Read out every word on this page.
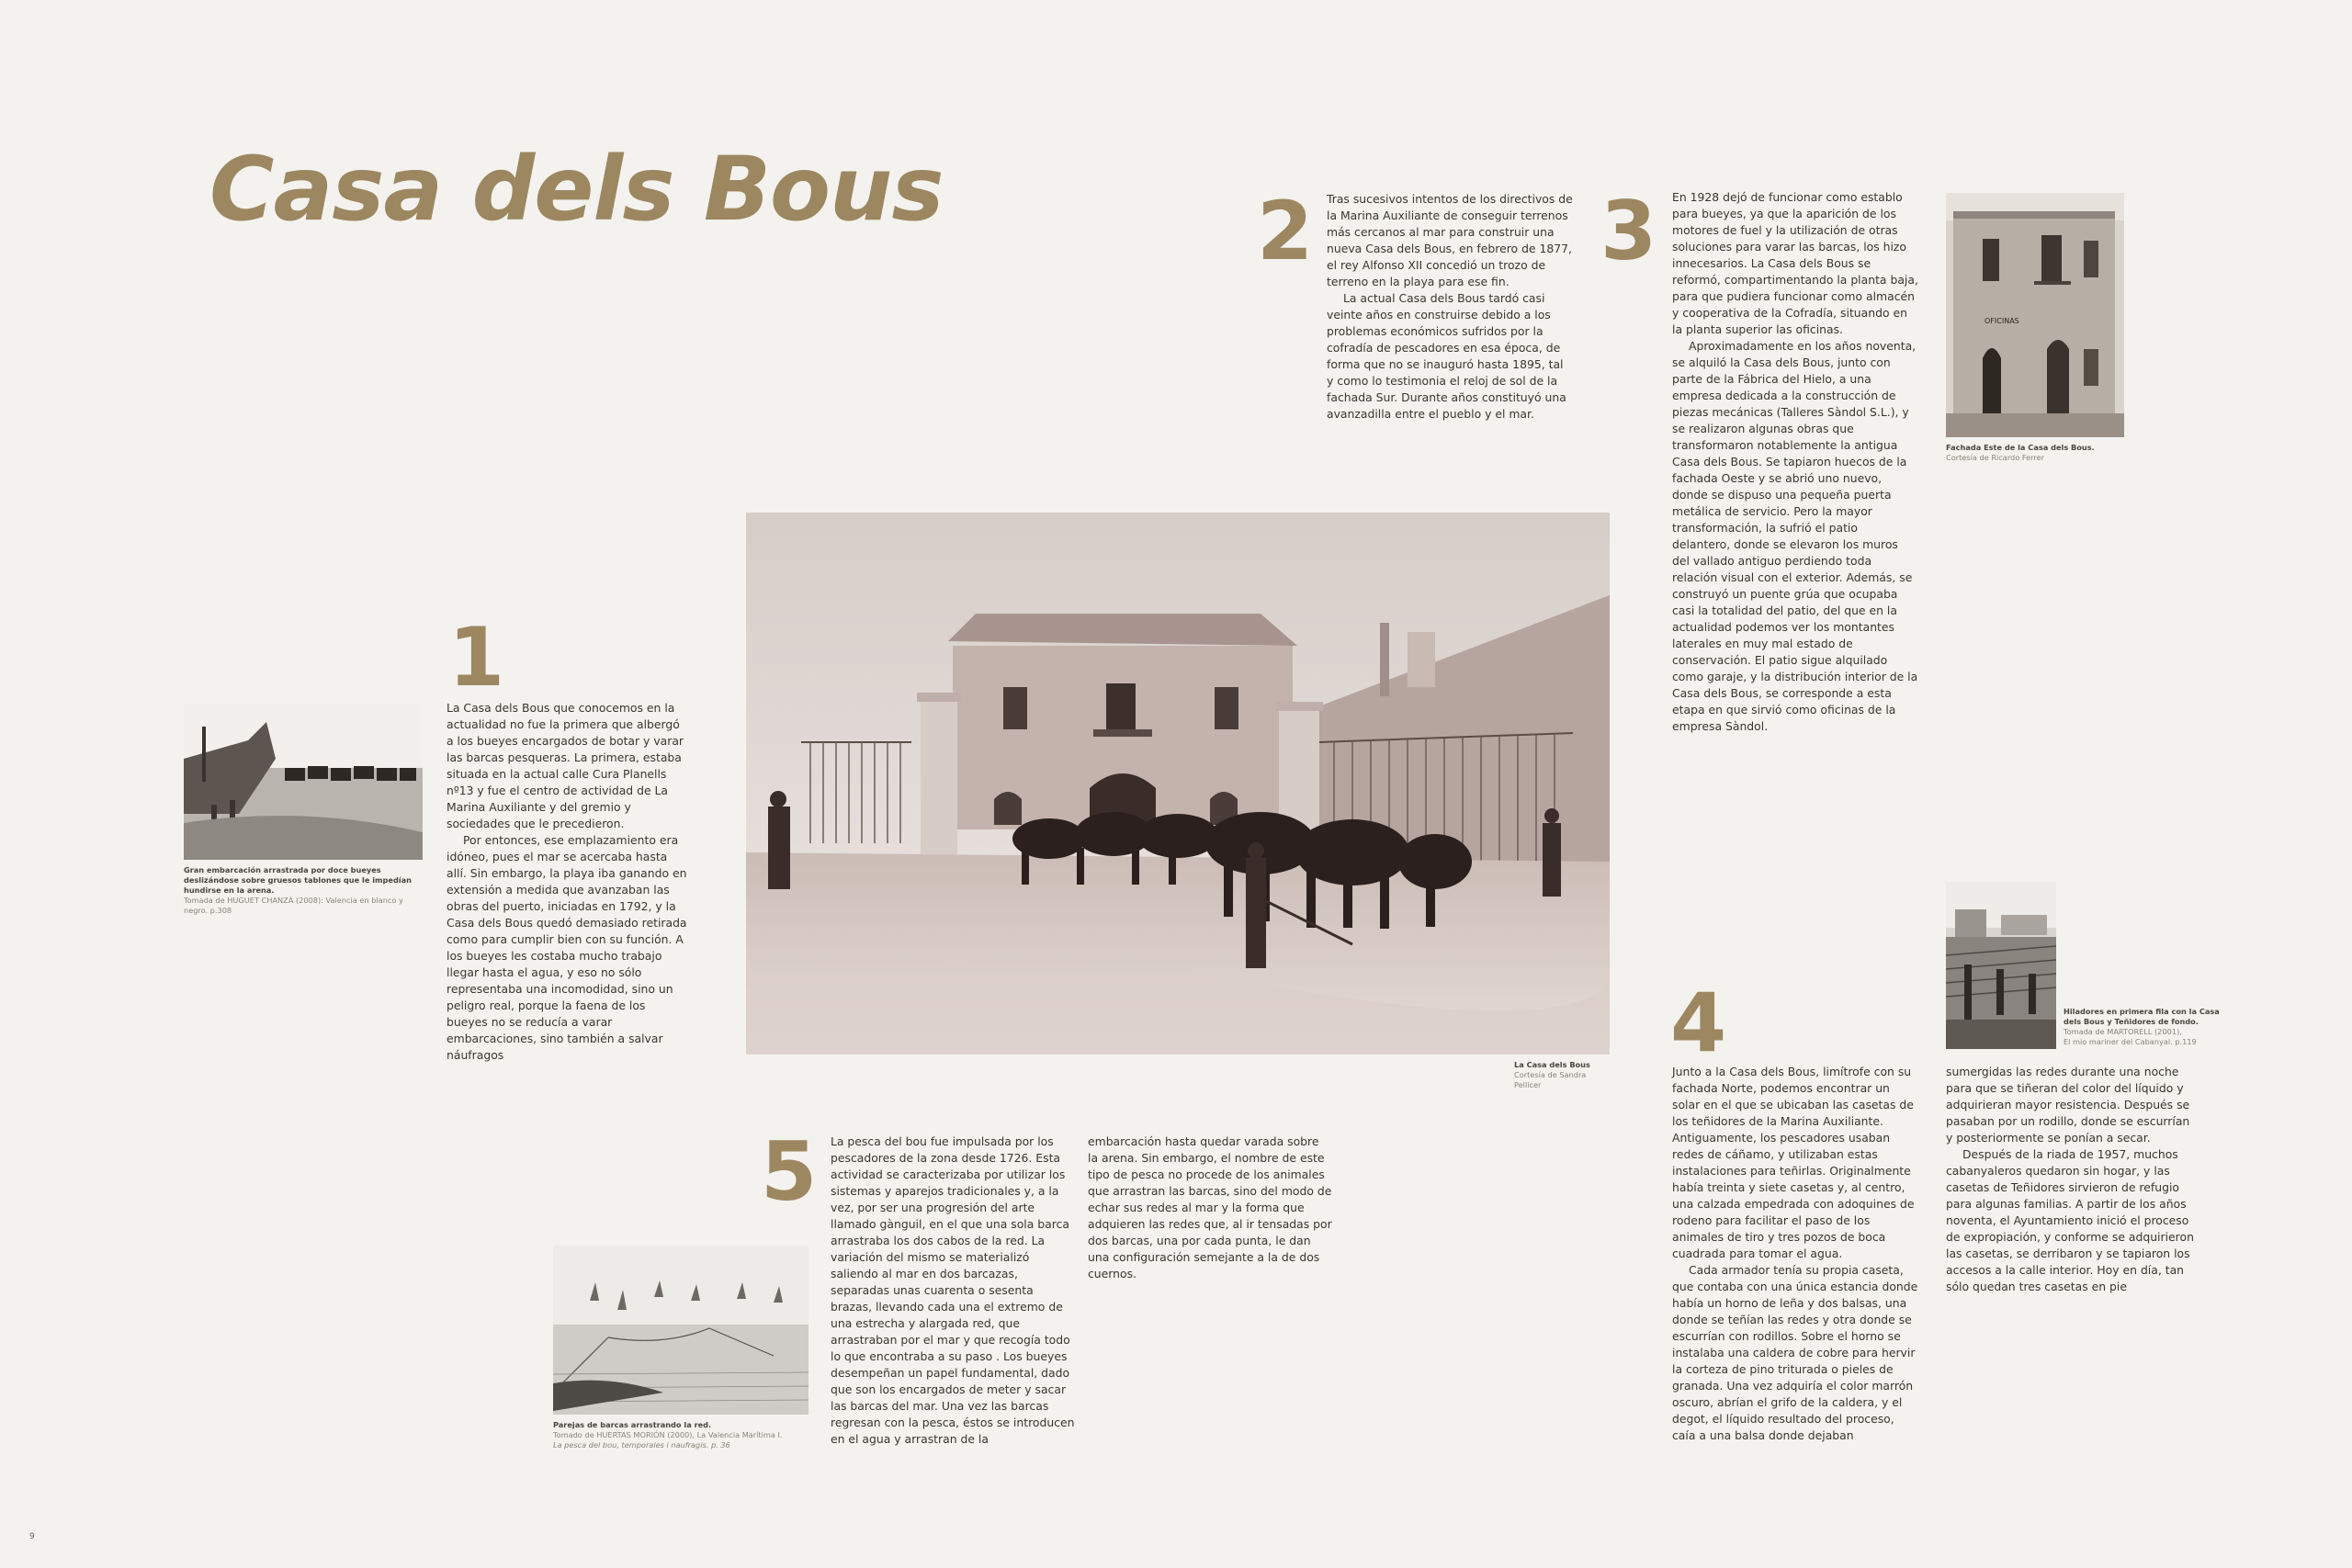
Casa dels Bous	2 Tras sucesivos intentos de los directivos de la Marina Auxiliante de conseguir terrenos más cercanos al mar para construir una nueva Casa dels Bous, en febrero de 1877, el rey Alfonso XII concedió un trozo de terreno en la playa para ese fin.

La actual Casa dels Bous tardó casi veinte años en construirse debido a los problemas económicos sufridos por la cofradía de pescadores en esa época, de forma que no se inauguró hasta 1895, tal y como lo testimonia el reloj de sol de la fachada Sur. Durante años constituyó una avanzadilla entre el pueblo y el mar.

3 En 1928 dejó de funcionar como establo para bueyes, ya que la aparición de los motores de fuel y la utilización de otras soluciones para varar las barcas, los hizo innecesarios. La Casa dels Bous se reformó, compartimentando la planta baja, para que pudiera funcionar como almacén y cooperativa de la Cofradía, situando en la planta superior las oficinas.

Aproximadamente en los años noventa, se alquiló la Casa dels Bous, junto con parte de la Fábrica del Hielo, a una empresa dedicada a la construcción de piezas mecánicas (Talleres Sàndol S.L.), y se realizaron algunas obras que transformaron notablemente la antigua Casa dels Bous. Se tapiaron huecos de la fachada Oeste y se abrió uno nuevo, donde se dispuso una pequeña puerta metálica de servicio. Pero la mayor transformación, la sufrió el patio delantero, donde se elevaron los muros del vallado antiguo perdiendo toda relación visual con el exterior. Además, se construyó un puente grúa que ocupaba casi la totalidad del patio, del que en la actualidad podemos ver los montantes laterales en muy mal estado de conservación. El patio sigue alquilado como garaje, y la distribución interior de la Casa dels Bous, se corresponde a esta etapa en que sirvió como oficinas de la empresa Sàndol.

OFICINAS
Fachada Este de la Casa dels Bous.
Cortesía de Ricardo Ferrer
1

La Casa dels Bous que conocemos en la actualidad no fue la primera que albergó a los bueyes encargados de botar y varar las barcas pesqueras. La primera, estaba situada en la actual calle Cura Planells nº13 y fue el centro de actividad de La Marina Auxiliante y del gremio y sociedades que le precedieron.

Por entonces, ese emplazamiento era idóneo, pues el mar se acercaba hasta allí. Sin embargo, la playa iba ganando en extensión a medida que avanzaban las obras del puerto, iniciadas en 1792, y la Casa dels Bous quedó demasiado retirada como para cumplir bien con su función. A los bueyes les costaba mucho trabajo llegar hasta el agua, y eso no sólo representaba una incomodidad, sino un peligro real, porque la faena de los bueyes no se reducía a varar embarcaciones, sino también a salvar náufragos

Gran embarcación arrastrada por doce bueyes deslizándose sobre gruesos tablones que le impedían hundirse en la arena.
Tomada de HUGUET CHANZÀ (2008): Valencia en blanco y negro. p.308
La Casa dels Bous
Cortesía de Sandra Pellicer
Hiladores en primera fila con la Casa dels Bous y Teñidores de fondo.
Tomada de MARTORELL (2001),
El mio mariner del Cabanyal. p.119
4

Junto a la Casa dels Bous, limítrofe con su fachada Norte, podemos encontrar un solar en el que se ubicaban las casetas de los teñidores de la Marina Auxiliante. Antiguamente, los pescadores usaban redes de cáñamo, y utilizaban estas instalaciones para teñirlas. Originalmente había treinta y siete casetas y, al centro, una calzada empedrada con adoquines de rodeno para facilitar el paso de los animales de tiro y tres pozos de boca cuadrada para tomar el agua.

Cada armador tenía su propia caseta, que contaba con una única estancia donde había un horno de leña y dos balsas, una donde se teñían las redes y otra donde se escurrían con rodillos. Sobre el horno se instalaba una caldera de cobre para hervir la corteza de pino triturada o pieles de granada. Una vez adquiría el color marrón oscuro, abrían el grifo de la caldera, y el degot, el líquido resultado del proceso, caía a una balsa donde dejaban

sumergidas las redes durante una noche para que se tiñeran del color del líquido y adquirieran mayor resistencia. Después se pasaban por un rodillo, donde se escurrían y posteriormente se ponían a secar.

Después de la riada de 1957, muchos cabanyaleros quedaron sin hogar, y las casetas de Teñidores sirvieron de refugio para algunas familias. A partir de los años noventa, el Ayuntamiento inició el proceso de expropiación, y conforme se adquirieron las casetas, se derribaron y se tapiaron los accesos a la calle interior. Hoy en día, tan sólo quedan tres casetas en pie

5 La pesca del bou fue impulsada por los pescadores de la zona desde 1726. Esta actividad se caracterizaba por utilizar los sistemas y aparejos tradicionales y, a la vez, por ser una progresión del arte llamado gànguil, en el que una sola barca arrastraba los dos cabos de la red. La variación del mismo se materializó saliendo al mar en dos barcazas, separadas unas cuarenta o sesenta brazas, llevando cada una el extremo de una estrecha y alargada red, que arrastraban por el mar y que recogía todo lo que encontraba a su paso . Los bueyes desempeñan un papel fundamental, dado que son los encargados de meter y sacar las barcas del mar. Una vez las barcas regresan con la pesca, éstos se introducen en el agua y arrastran de la

embarcación hasta quedar varada sobre la arena. Sin embargo, el nombre de este tipo de pesca no procede de los animales que arrastran las barcas, sino del modo de echar sus redes al mar y la forma que adquieren las redes que, al ir tensadas por dos barcas, una por cada punta, le dan una configuración semejante a la de dos cuernos.

Parejas de barcas arrastrando la red.
Tomado de HUERTAS MORIÓN (2000), La Valencia Marítima I.
La pesca del bou, temporales i naufragis. p. 36
9
